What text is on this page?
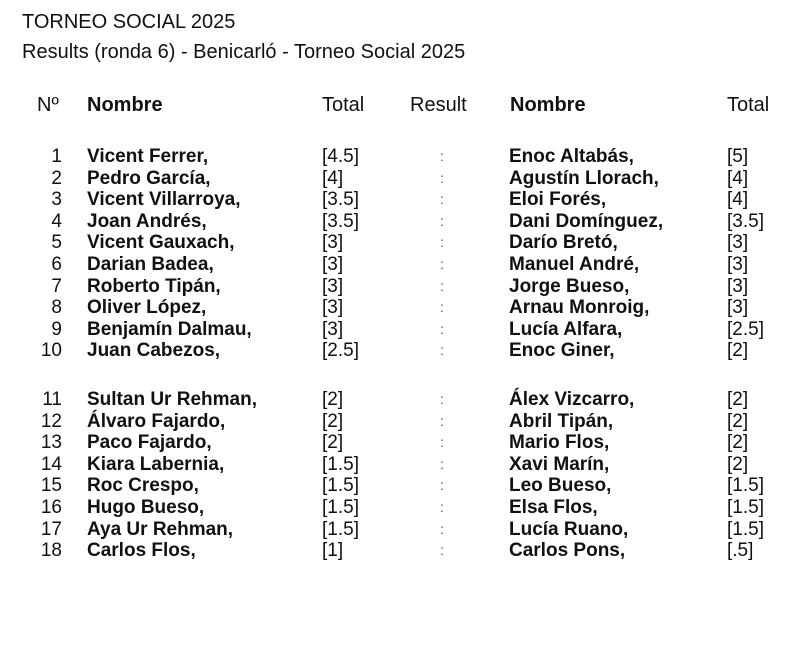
TORNEO SOCIAL 2025
Results (ronda 6) - Benicarló - Torneo Social 2025
Nº Nombre	Total Result Nombre	Total
1 Vicent Ferrer,	[4.5]	:	Enoc Altabás,	[5]
2 Pedro García,	[4]	:	Agustín Llorach,	[4]
3 Vicent Villarroya,	[3.5]	:	Eloi Forés,	[4]
4 Joan Andrés,	[3.5]	:	Dani Domínguez,	[3.5]
5 Vicent Gauxach,	[3]	:	Darío Bretó,	[3]
6 Darian Badea,	[3]	:	Manuel André,	[3]
7 Roberto Tipán,	[3]	:	Jorge Bueso,	[3]
8 Oliver López,	[3]	:	Arnau Monroig,	[3]
9 Benjamín Dalmau,	[3]	:	Lucía Alfara,	[2.5]
10 Juan Cabezos,	[2.5]	:	Enoc Giner,	[2]
11 Sultan Ur Rehman,	[2]	:	Álex Vizcarro,	[2]
12 Álvaro Fajardo,	[2]	:	Abril Tipán,	[2]
13 Paco Fajardo,	[2]	:	Mario Flos,	[2]
14 Kiara Labernia,	[1.5]	:	Xavi Marín,	[2]
15 Roc Crespo,	[1.5]	:	Leo Bueso,	[1.5]
16 Hugo Bueso,	[1.5]	:	Elsa Flos,	[1.5]
17 Aya Ur Rehman,	[1.5]	:	Lucía Ruano,	[1.5]
18 Carlos Flos,	[1]	:	Carlos Pons,	[.5]
